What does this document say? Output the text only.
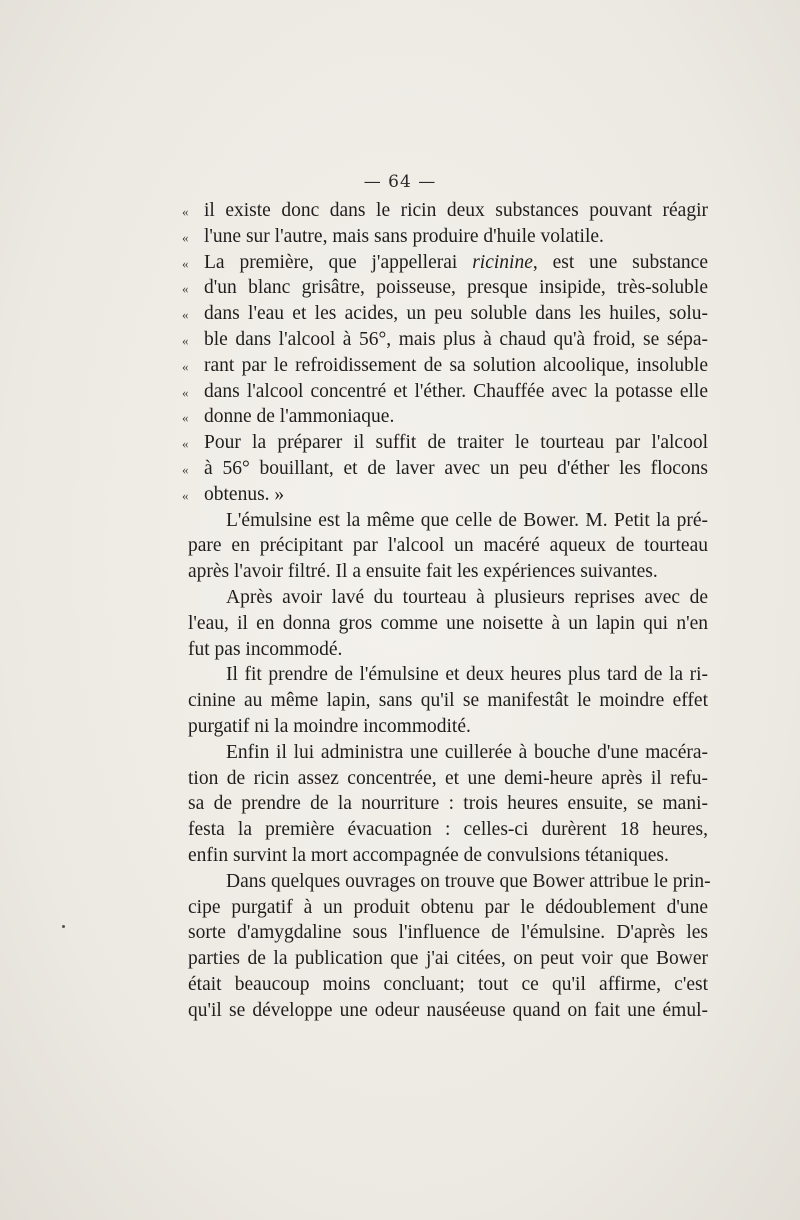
— 64 —
« il existe donc dans le ricin deux substances pouvant réagir
« l'une sur l'autre, mais sans produire d'huile volatile.
« La première, que j'appellerai ricinine, est une substance
« d'un blanc grisâtre, poisseuse, presque insipide, très-soluble
« dans l'eau et les acides, un peu soluble dans les huiles, solu-
« ble dans l'alcool à 56°, mais plus à chaud qu'à froid, se sépa-
« rant par le refroidissement de sa solution alcoolique, insoluble
« dans l'alcool concentré et l'éther. Chauffée avec la potasse elle
« donne de l'ammoniaque.
« Pour la préparer il suffit de traiter le tourteau par l'alcool
« à 56° bouillant, et de laver avec un peu d'éther les flocons
« obtenus. »
L'émulsine est la même que celle de Bower. M. Petit la pré-
pare en précipitant par l'alcool un macéré aqueux de tourteau
après l'avoir filtré. Il a ensuite fait les expériences suivantes.
Après avoir lavé du tourteau à plusieurs reprises avec de
l'eau, il en donna gros comme une noisette à un lapin qui n'en
fut pas incommodé.
Il fit prendre de l'émulsine et deux heures plus tard de la ri-
cinine au même lapin, sans qu'il se manifestât le moindre effet
purgatif ni la moindre incommodité.
Enfin il lui administra une cuillerée à bouche d'une macéra-
tion de ricin assez concentrée, et une demi-heure après il refu-
sa de prendre de la nourriture : trois heures ensuite, se mani-
festa la première évacuation : celles-ci durèrent 18 heures,
enfin survint la mort accompagnée de convulsions tétaniques.
Dans quelques ouvrages on trouve que Bower attribue le prin-
cipe purgatif à un produit obtenu par le dédoublement d'une
sorte d'amygdaline sous l'influence de l'émulsine. D'après les
parties de la publication que j'ai citées, on peut voir que Bower
était beaucoup moins concluant; tout ce qu'il affirme, c'est
qu'il se développe une odeur nauséeuse quand on fait une émul-
